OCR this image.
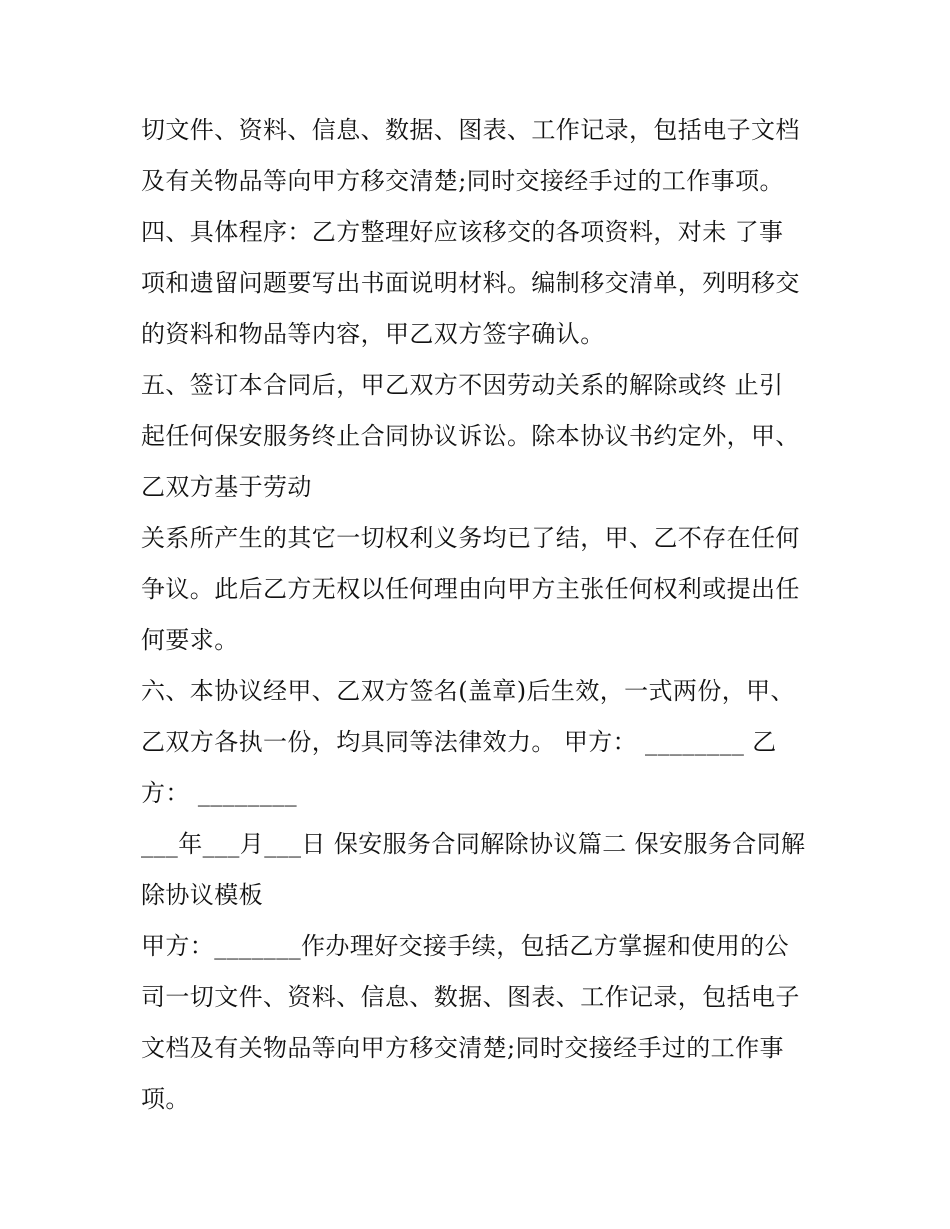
切文件、资料、信息、数据、图表、工作记录，包括电子文档
及有关物品等向甲方移交清楚;同时交接经手过的工作事项。
四、具体程序：乙方整理好应该移交的各项资料，对未 了事
项和遗留问题要写出书面说明材料。编制移交清单，列明移交
的资料和物品等内容，甲乙双方签字确认。
五、签订本合同后，甲乙双方不因劳动关系的解除或终 止引
起任何保安服务终止合同协议诉讼。除本协议书约定外，甲、
乙双方基于劳动
关系所产生的其它一切权利义务均已了结，甲、乙不存在任何
争议。此后乙方无权以任何理由向甲方主张任何权利或提出任
何要求。
六、本协议经甲、乙双方签名(盖章)后生效，一式两份，甲、
乙双方各执一份，均具同等法律效力。 甲方： ________ 乙
方： ________
___年___月___日 保安服务合同解除协议篇二 保安服务合同解
除协议模板
甲方：_______作办理好交接手续，包括乙方掌握和使用的公
司一切文件、资料、信息、数据、图表、工作记录，包括电子
文档及有关物品等向甲方移交清楚;同时交接经手过的工作事
项。
